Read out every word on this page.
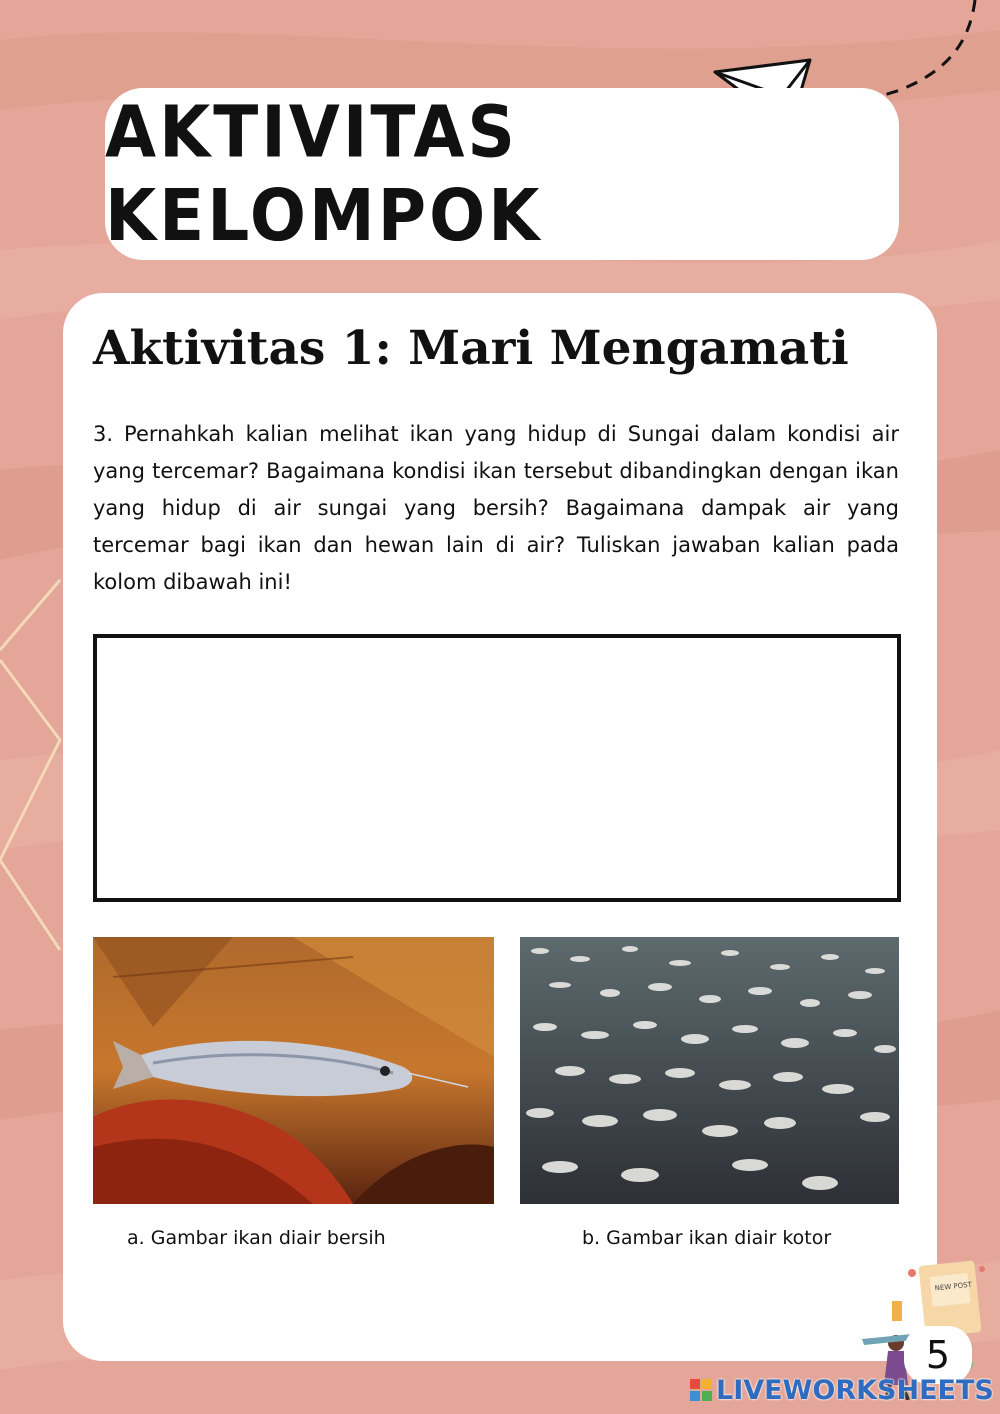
AKTIVITAS KELOMPOK
Aktivitas 1: Mari Mengamati

3. Pernahkah kalian melihat ikan yang hidup di Sungai dalam kondisi air yang tercemar? Bagaimana kondisi ikan tersebut dibandingkan dengan ikan yang hidup di air sungai yang bersih? Bagaimana dampak air yang tercemar bagi ikan dan hewan lain di air? Tuliskan jawaban kalian pada kolom dibawah ini!

a. Gambar ikan diair bersih	b. Gambar ikan diair kotor
NEW POST
5
LIVEWORKSHEETS
